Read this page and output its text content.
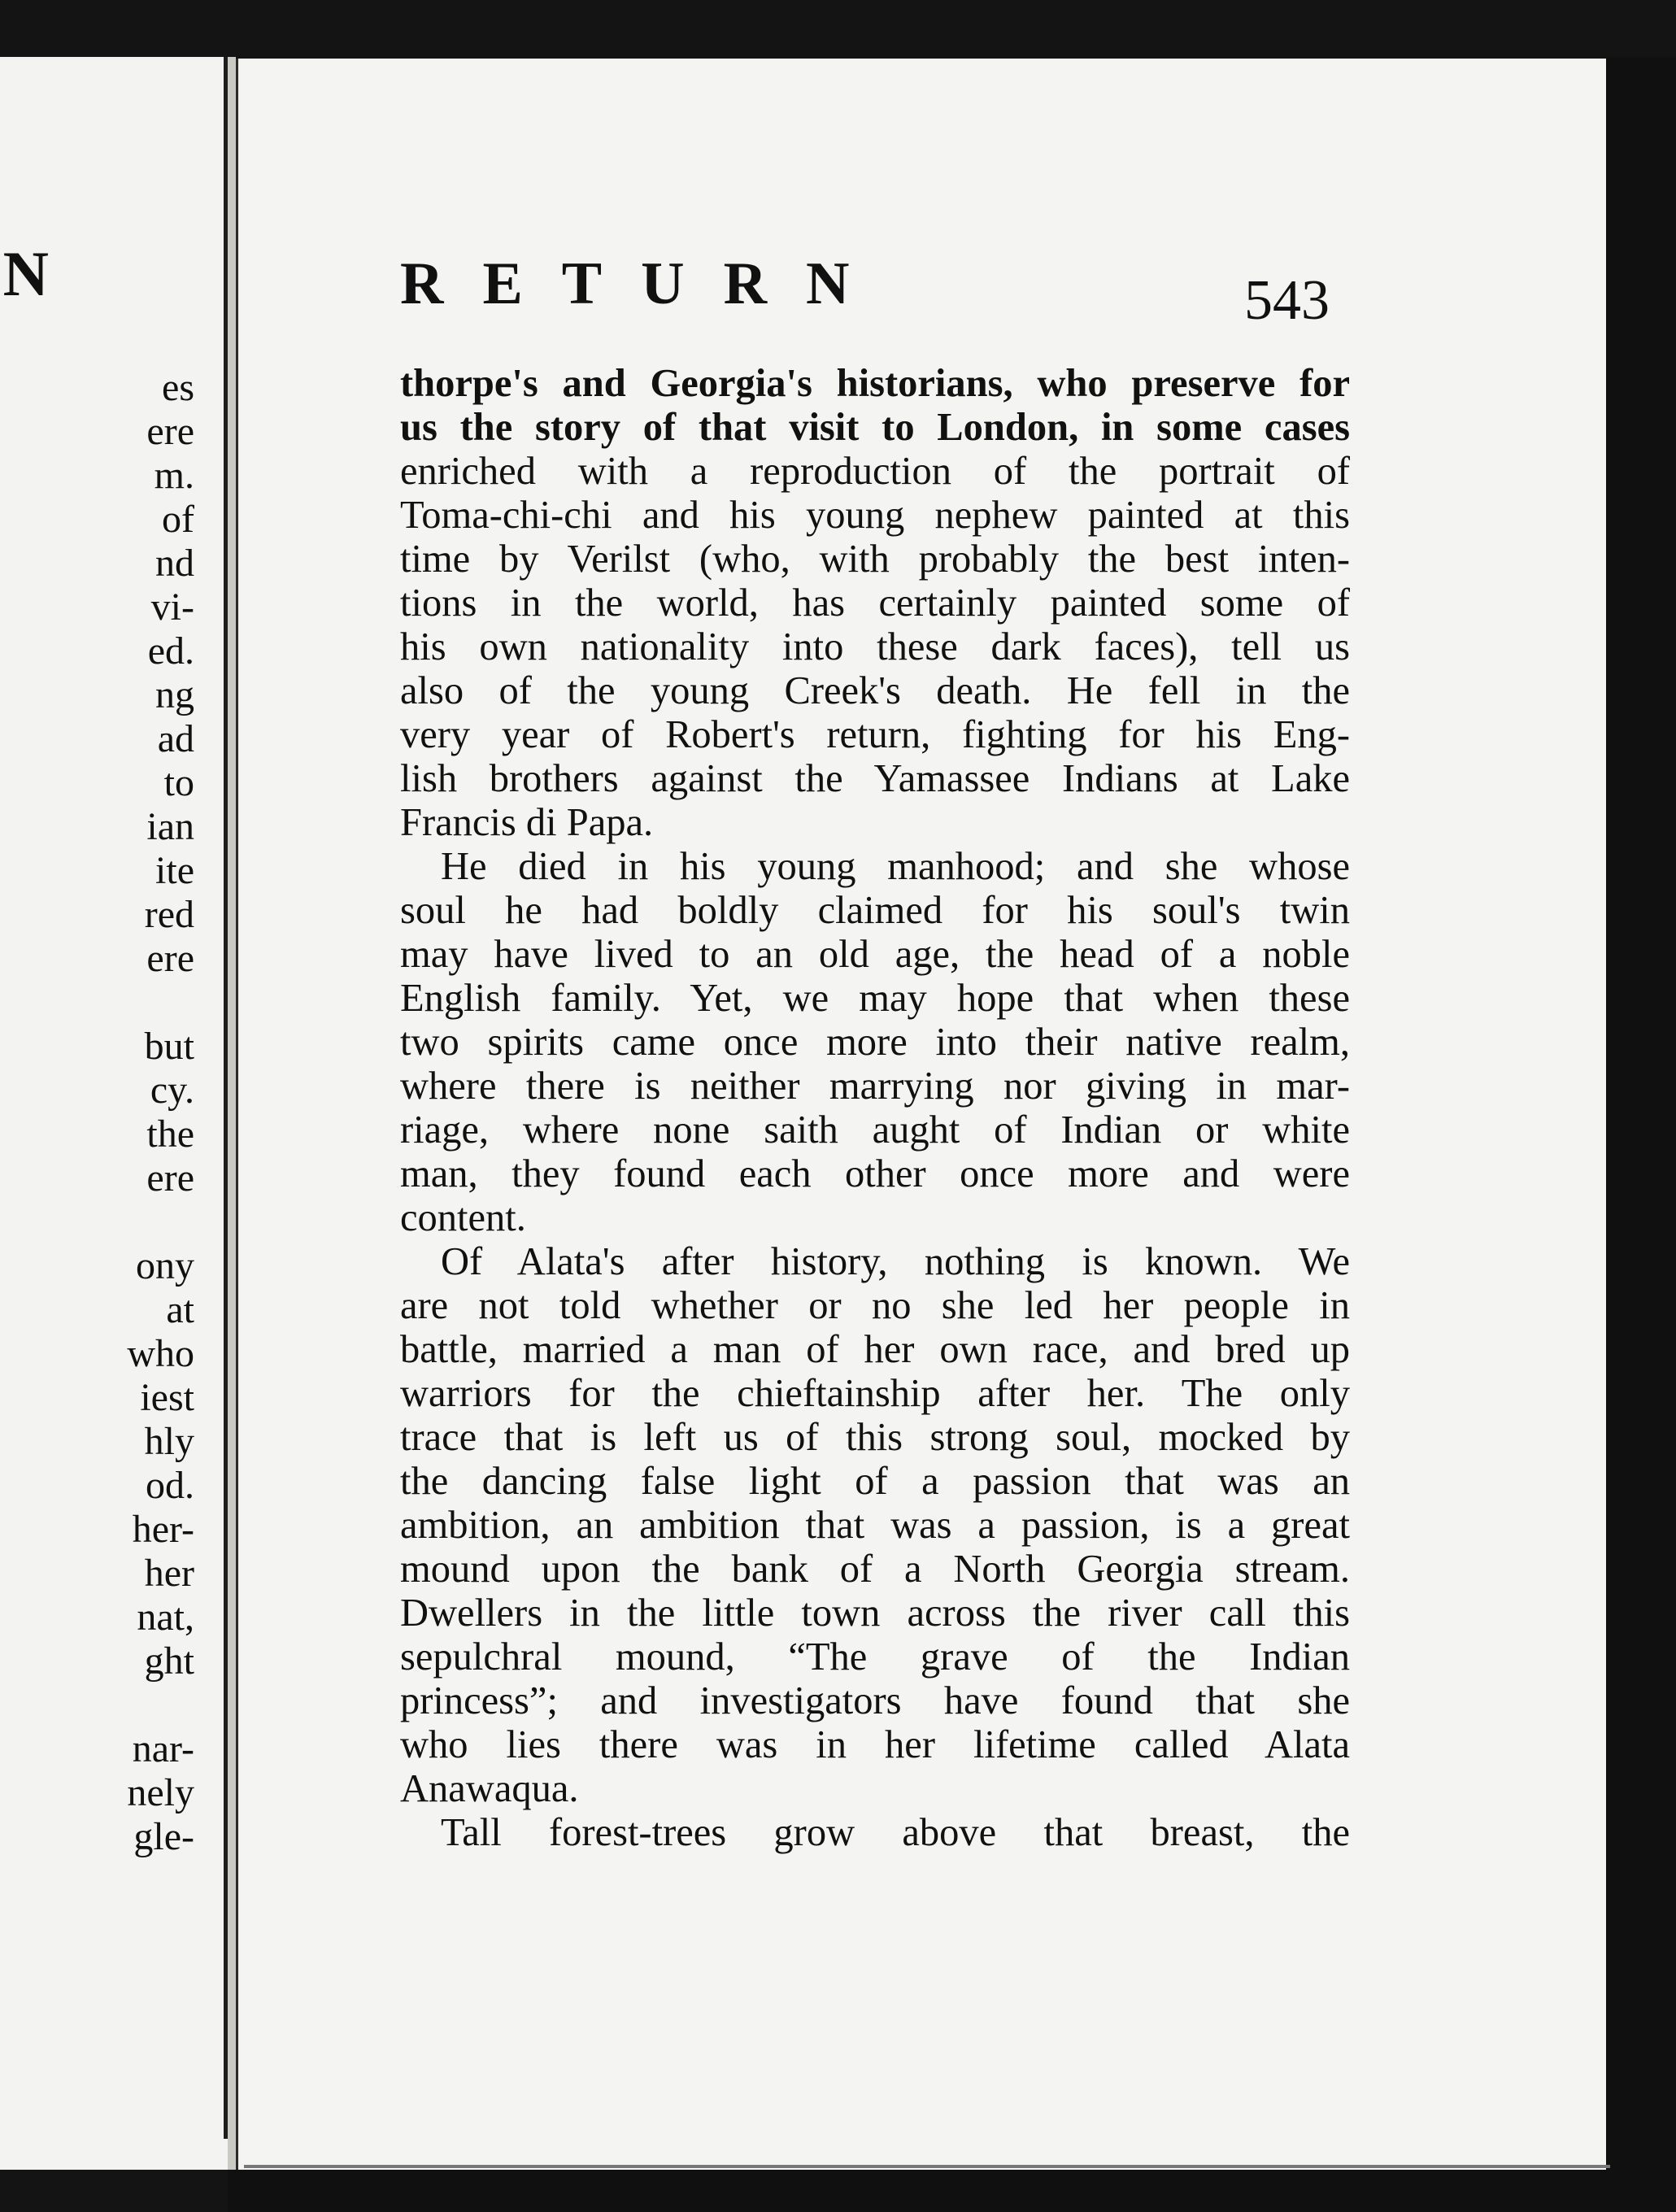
N
es
ere
m.
of
nd
vi-
ed.
ng
ad
to
ian
ite
red
ere
but
cy.
the
ere
ony
at
who
iest
hly
od.
her-
her
nat,
ght
nar-
nely
gle-
RETURN	543
thorpe's and Georgia's historians, who preserve for
us the story of that visit to London, in some cases
enriched with a reproduction of the portrait of
Toma-chi-chi and his young nephew painted at this
time by Verilst (who, with probably the best inten-
tions in the world, has certainly painted some of
his own nationality into these dark faces), tell us
also of the young Creek's death. He fell in the
very year of Robert's return, fighting for his Eng-
lish brothers against the Yamassee Indians at Lake
Francis di Papa.
He died in his young manhood; and she whose
soul he had boldly claimed for his soul's twin
may have lived to an old age, the head of a noble
English family. Yet, we may hope that when these
two spirits came once more into their native realm,
where there is neither marrying nor giving in mar-
riage, where none saith aught of Indian or white
man, they found each other once more and were
content.
Of Alata's after history, nothing is known. We
are not told whether or no she led her people in
battle, married a man of her own race, and bred up
warriors for the chieftainship after her. The only
trace that is left us of this strong soul, mocked by
the dancing false light of a passion that was an
ambition, an ambition that was a passion, is a great
mound upon the bank of a North Georgia stream.
Dwellers in the little town across the river call this
sepulchral mound, “The grave of the Indian
princess”; and investigators have found that she
who lies there was in her lifetime called Alata
Anawaqua.
Tall forest-trees grow above that breast, the
